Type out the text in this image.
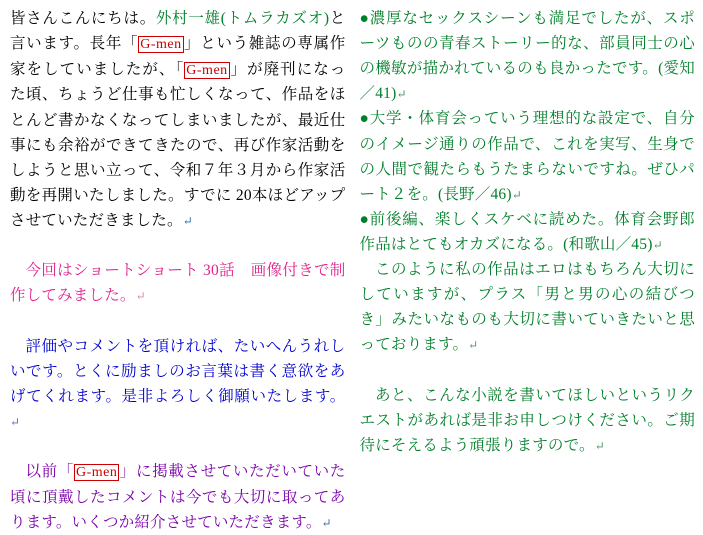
皆さんこんにちは。外村一雄(トムラカズオ)と言います。長年「 G-men 」という雑誌の専属作家をしていましたが、「 G-men 」が廃刊になった頃、ちょうど仕事も忙しくなって、作品をほとんど書かなくなってしまいましたが、最近仕事にも余裕ができてきたので、再び作家活動をしようと思い立って、令和７年３月から作家活動を再開いたしました。すでに 20本ほどアップさせていただきました。↵

今回はショートショート 30話　画像付きで制作してみました。↵

評価やコメントを頂ければ、たいへんうれしいです。とくに励ましのお言葉は書く意欲をあげてくれます。是非よろしく御願いたします。↵

以前「 G-men 」に掲載させていただいていた頃に頂戴したコメントは今でも大切に取ってあります。いくつか紹介させていただきます。↵

●濃厚なセックスシーンも満足でしたが、スポーツものの青春ストーリー的な、部員同士の心の機敏が描かれているのも良かったです。(愛知／41)↵

●大学・体育会っていう理想的な設定で、自分のイメージ通りの作品で、これを実写、生身での人間で観たらもうたまらないですね。ぜひパート２を。(長野／46)↵

●前後編、楽しくスケベに読めた。体育会野郎作品はとてもオカズになる。(和歌山／45)↵

このように私の作品はエロはもちろん大切にしていますが、プラス「男と男の心の結びつき」みたいなものも大切に書いていきたいと思っております。↵

あと、こんな小説を書いてほしいというリクエストがあれば是非お申しつけください。ご期待にそえるよう頑張りますので。↵
